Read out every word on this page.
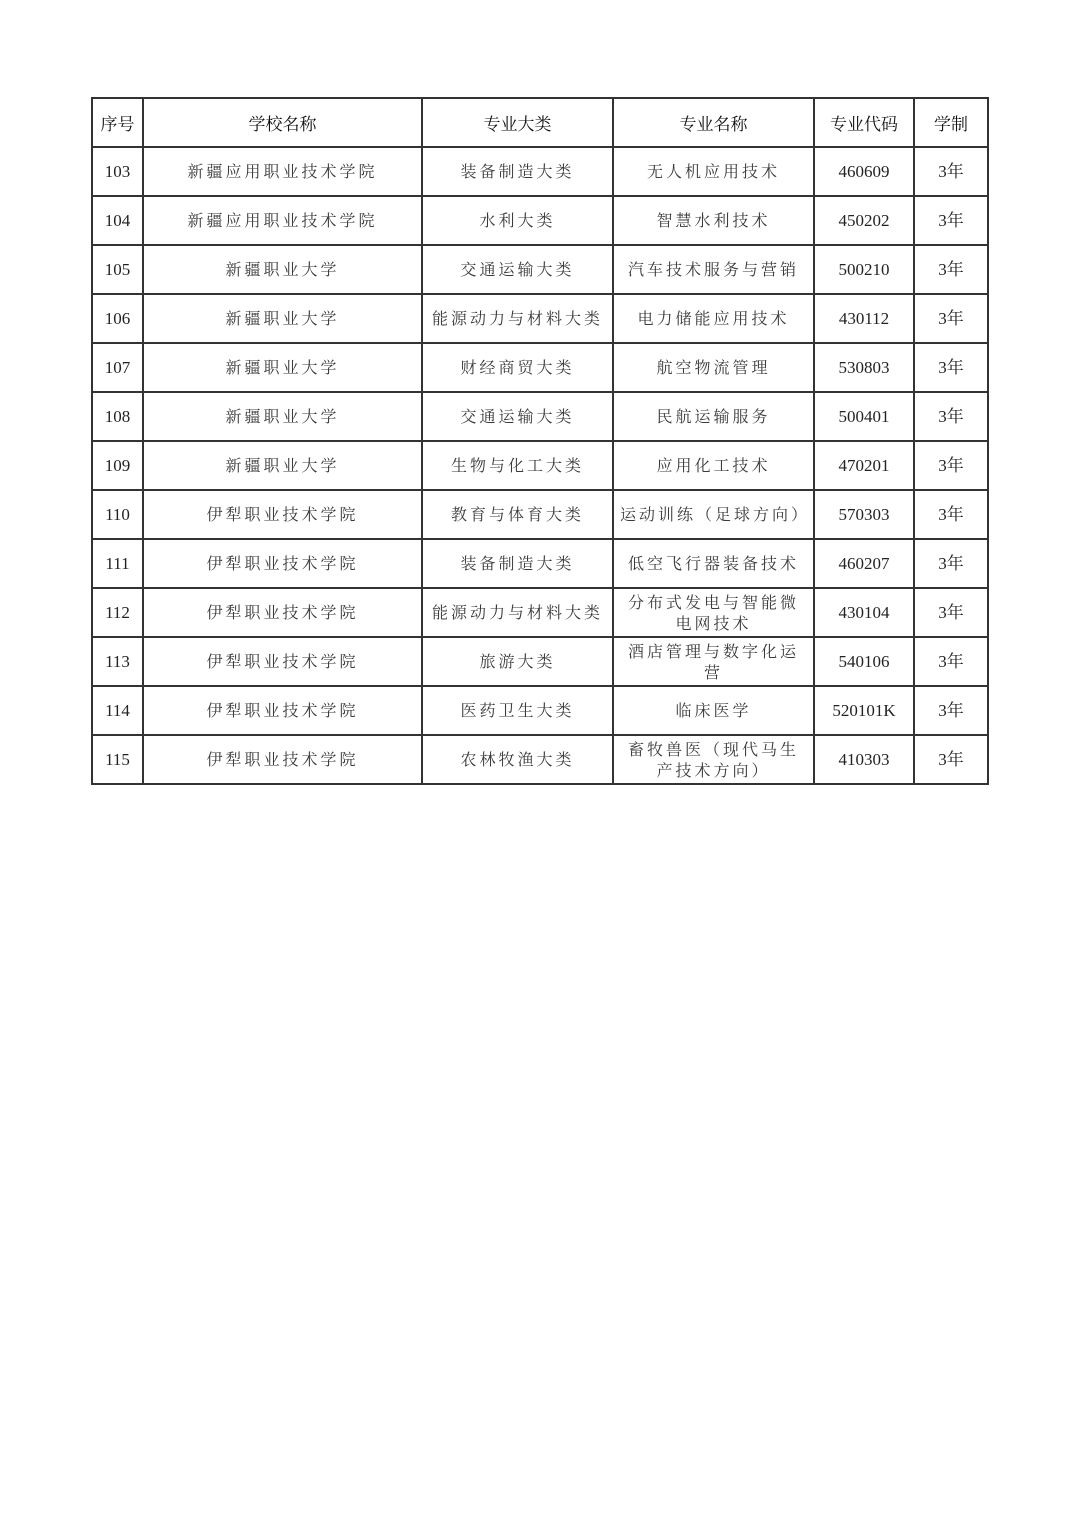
序号	学校名称	专业大类	专业名称	专业代码	学制
103	新疆应用职业技术学院	装备制造大类	无人机应用技术	460609	3年
104	新疆应用职业技术学院	水利大类	智慧水利技术	450202	3年
105	新疆职业大学	交通运输大类	汽车技术服务与营销	500210	3年
106	新疆职业大学	能源动力与材料大类	电力储能应用技术	430112	3年
107	新疆职业大学	财经商贸大类	航空物流管理	530803	3年
108	新疆职业大学	交通运输大类	民航运输服务	500401	3年
109	新疆职业大学	生物与化工大类	应用化工技术	470201	3年
110	伊犁职业技术学院	教育与体育大类	运动训练（足球方向）	570303	3年
111	伊犁职业技术学院	装备制造大类	低空飞行器装备技术	460207	3年
112	伊犁职业技术学院	能源动力与材料大类	分布式发电与智能微电网技术	430104	3年
113	伊犁职业技术学院	旅游大类	酒店管理与数字化运营	540106	3年
114	伊犁职业技术学院	医药卫生大类	临床医学	520101K	3年
115	伊犁职业技术学院	农林牧渔大类	畜牧兽医（现代马生产技术方向）	410303	3年
